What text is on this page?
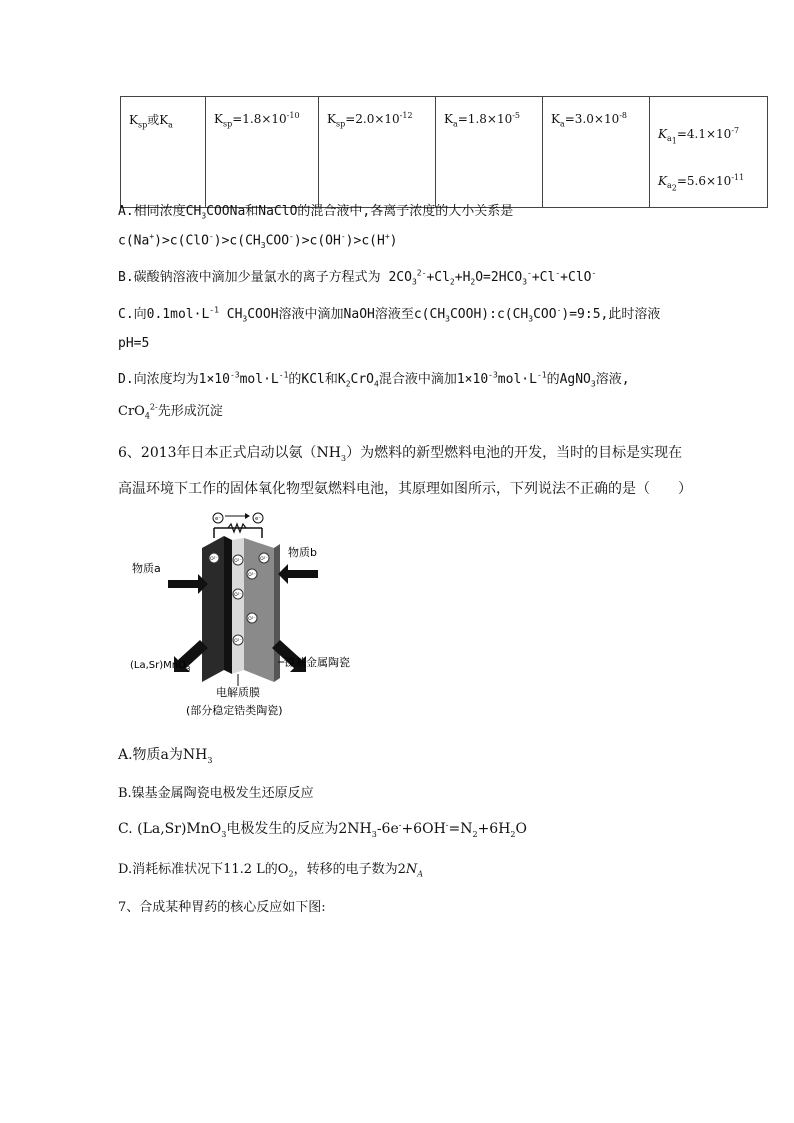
$K_{sp}$或$K_a$	$K_{sp}=1.8\times 10^{-10}$	$K_{sp}=2.0\times 10^{-12}$	$K_a=1.8\times 10^{-5}$	$K_a=3.0\times 10^{-8}$	
$K_{a_1}=4.1\times 10^{-7}$
$K_{a_2}=5.6\times 10^{-11}$
A.相同浓度$CH_3COONa$和NaClO的混合液中,各离子浓度的大小关系是
$c(Na^+)>c(ClO^-)>c(CH_3COO^-)>c(OH^-)>c(H^+)$
B.碳酸钠溶液中滴加少量氯水的离子方程式为 $2CO_3^{2-}+Cl_2+H_2O=2HCO_3^-+Cl^-+ClO^-$
C.向$0.1mol\cdot L^{-1}$ $CH_3COOH$溶液中滴加NaOH溶液至$c(CH_3COOH):c(CH_3COO^-)=9:5$,此时溶液
pH=5
D.向浓度均为$1\times 10^{-3}mol\cdot L^{-1}$的KCl和$K_2CrO_4$混合液中滴加$1\times 10^{-3}mol\cdot L^{-1}$的AgNO$_3$溶液,
CrO$_4^{2-}$先形成沉淀
6、2013年日本正式启动以氨$(NH_3)$为燃料的新型燃料电池的开发，当时的目标是实现在
高温环境下工作的固体氧化物型氨燃料电池，其原理如图所示，下列说法不正确的是（　　）
e⁻	e⁻
O²⁻
O²⁻
O²⁻
O²⁻
O²⁻
O²⁻	O²⁻
物质a
物质b
(La,Sr)MnO$_3$	镍基金属陶瓷
电解质膜
(部分稳定锆类陶瓷)
A.物质a为$NH_3$
B.镍基金属陶瓷电极发生还原反应
C. (La,Sr)MnO$_3$电极发生的反应为$2NH_3-6e^-+6OH^-=N_2+6H_2O$
D.消耗标准状况下11.2 L的$O_2$，转移的电子数为$2N_A$
7、合成某种胃药的核心反应如下图:
